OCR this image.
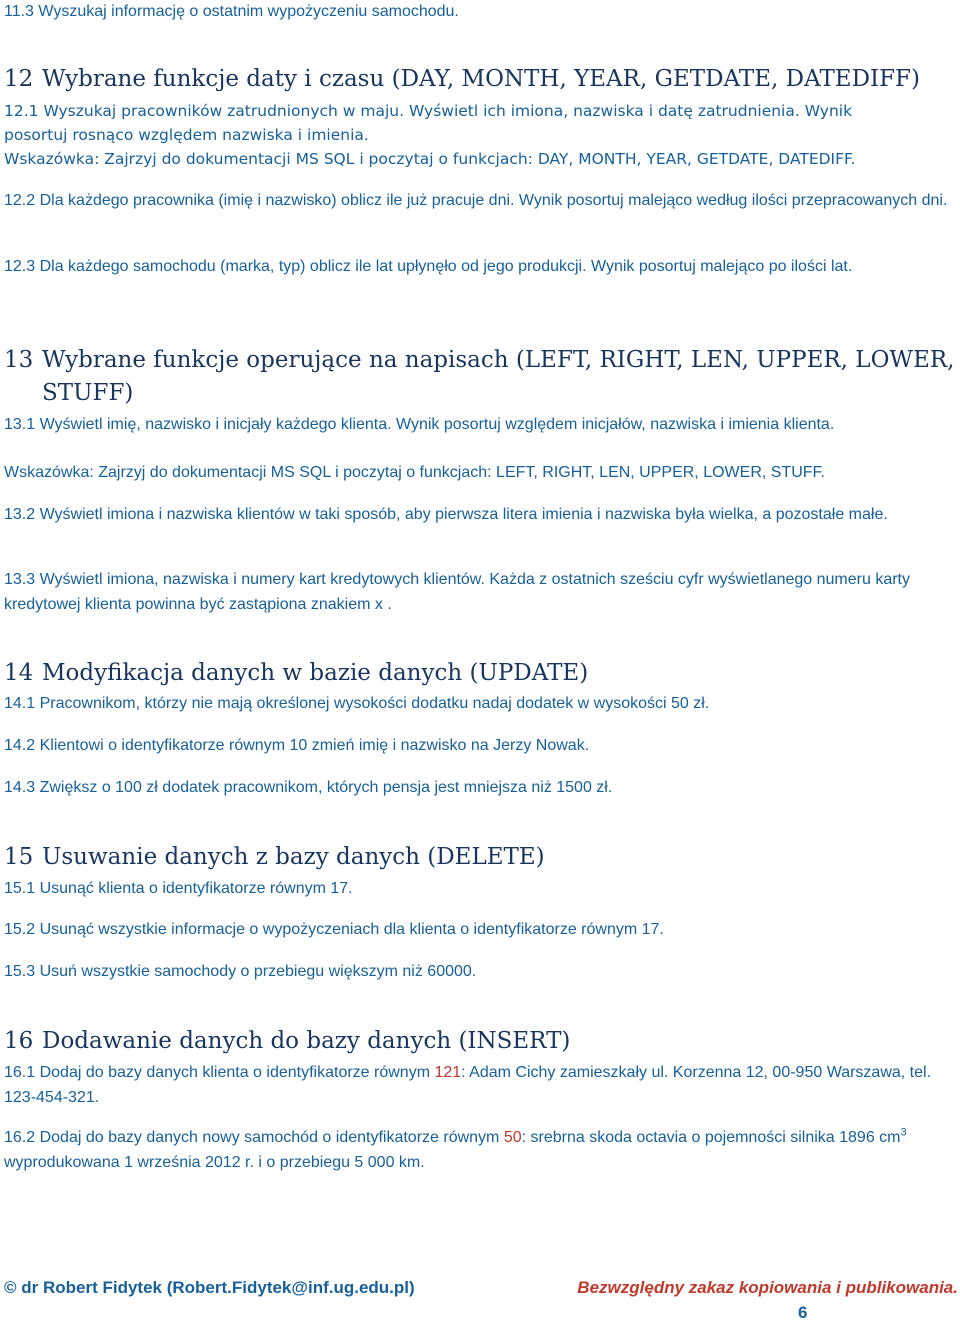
11.3 Wyszukaj informację o ostatnim wypożyczeniu samochodu.
12 Wybrane funkcje daty i czasu (DAY, MONTH, YEAR, GETDATE, DATEDIFF)
12.1 Wyszukaj pracowników zatrudnionych w maju. Wyświetl ich imiona, nazwiska i datę zatrudnienia. Wynik
posortuj rosnąco względem nazwiska i imienia.
Wskazówka: Zajrzyj do dokumentacji MS SQL i poczytaj o funkcjach: DAY, MONTH, YEAR, GETDATE, DATEDIFF.
12.2 Dla każdego pracownika (imię i nazwisko) oblicz ile już pracuje dni. Wynik posortuj malejąco według ilości przepracowanych dni.
12.3 Dla każdego samochodu (marka, typ) oblicz ile lat upłynęło od jego produkcji. Wynik posortuj malejąco po ilości lat.
13 Wybrane funkcje operujące na napisach (LEFT, RIGHT, LEN, UPPER, LOWER,
STUFF)
13.1 Wyświetl imię, nazwisko i inicjały każdego klienta. Wynik posortuj względem inicjałów, nazwiska i imienia klienta.
Wskazówka: Zajrzyj do dokumentacji MS SQL i poczytaj o funkcjach: LEFT, RIGHT, LEN, UPPER, LOWER, STUFF.
13.2 Wyświetl imiona i nazwiska klientów w taki sposób, aby pierwsza litera imienia i nazwiska była wielka, a pozostałe małe.
13.3 Wyświetl imiona, nazwiska i numery kart kredytowych klientów. Każda z ostatnich sześciu cyfr wyświetlanego numeru karty kredytowej klienta powinna być zastąpiona znakiem x .
14 Modyfikacja danych w bazie danych (UPDATE)
14.1 Pracownikom, którzy nie mają określonej wysokości dodatku nadaj dodatek w wysokości 50 zł.
14.2 Klientowi o identyfikatorze równym 10 zmień imię i nazwisko na Jerzy Nowak.
14.3 Zwiększ o 100 zł dodatek pracownikom, których pensja jest mniejsza niż 1500 zł.
15 Usuwanie danych z bazy danych (DELETE)
15.1 Usunąć klienta o identyfikatorze równym 17.
15.2 Usunąć wszystkie informacje o wypożyczeniach dla klienta o identyfikatorze równym 17.
15.3 Usuń wszystkie samochody o przebiegu większym niż 60000.
16 Dodawanie danych do bazy danych (INSERT)
16.1 Dodaj do bazy danych klienta o identyfikatorze równym 121: Adam Cichy zamieszkały ul. Korzenna 12, 00-950 Warszawa, tel. 123-454-321.
16.2 Dodaj do bazy danych nowy samochód o identyfikatorze równym 50: srebrna skoda octavia o pojemności silnika 1896 $cm^3$ wyprodukowana 1 września 2012 r. i o przebiegu 5 000 km.
© dr Robert Fidytek (Robert.Fidytek@inf.ug.edu.pl)	Bezwzględny zakaz kopiowania i publikowania.
6
